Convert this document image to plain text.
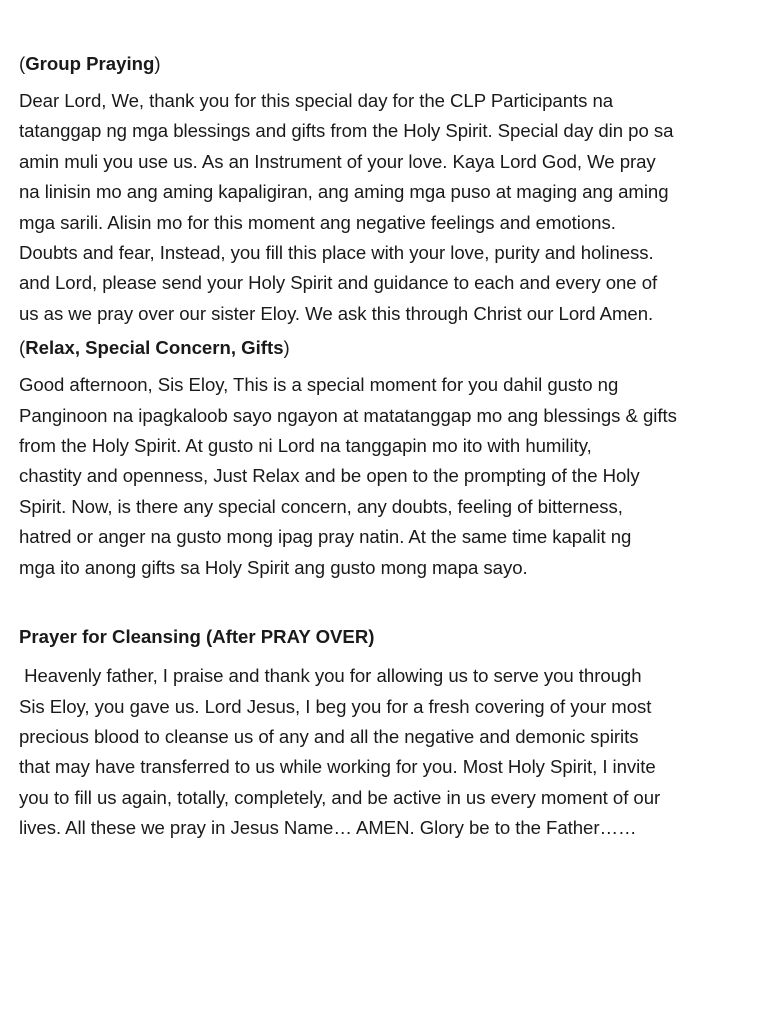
(Group Praying)
Dear Lord, We, thank you for this special day for the CLP Participants na
tatanggap ng mga blessings and gifts from the Holy Spirit. Special day din po sa
amin muli you use us. As an Instrument of your love. Kaya Lord God, We pray
na linisin mo ang aming kapaligiran, ang aming mga puso at maging ang aming
mga sarili. Alisin mo for this moment ang negative feelings and emotions.
Doubts and fear, Instead, you fill this place with your love, purity and holiness.
and Lord, please send your Holy Spirit and guidance to each and every one of
us as we pray over our sister Eloy. We ask this through Christ our Lord Amen.
(Relax, Special Concern, Gifts)
Good afternoon, Sis Eloy, This is a special moment for you dahil gusto ng
Panginoon na ipagkaloob sayo ngayon at matatanggap mo ang blessings & gifts
from the Holy Spirit. At gusto ni Lord na tanggapin mo ito with humility,
chastity and openness, Just Relax and be open to the prompting of the Holy
Spirit. Now, is there any special concern, any doubts, feeling of bitterness,
hatred or anger na gusto mong ipag pray natin. At the same time kapalit ng
mga ito anong gifts sa Holy Spirit ang gusto mong mapa sayo.
Prayer for Cleansing (After PRAY OVER)
Heavenly father, I praise and thank you for allowing us to serve you through
Sis Eloy, you gave us. Lord Jesus, I beg you for a fresh covering of your most
precious blood to cleanse us of any and all the negative and demonic spirits
that may have transferred to us while working for you. Most Holy Spirit, I invite
you to fill us again, totally, completely, and be active in us every moment of our
lives. All these we pray in Jesus Name… AMEN. Glory be to the Father……
